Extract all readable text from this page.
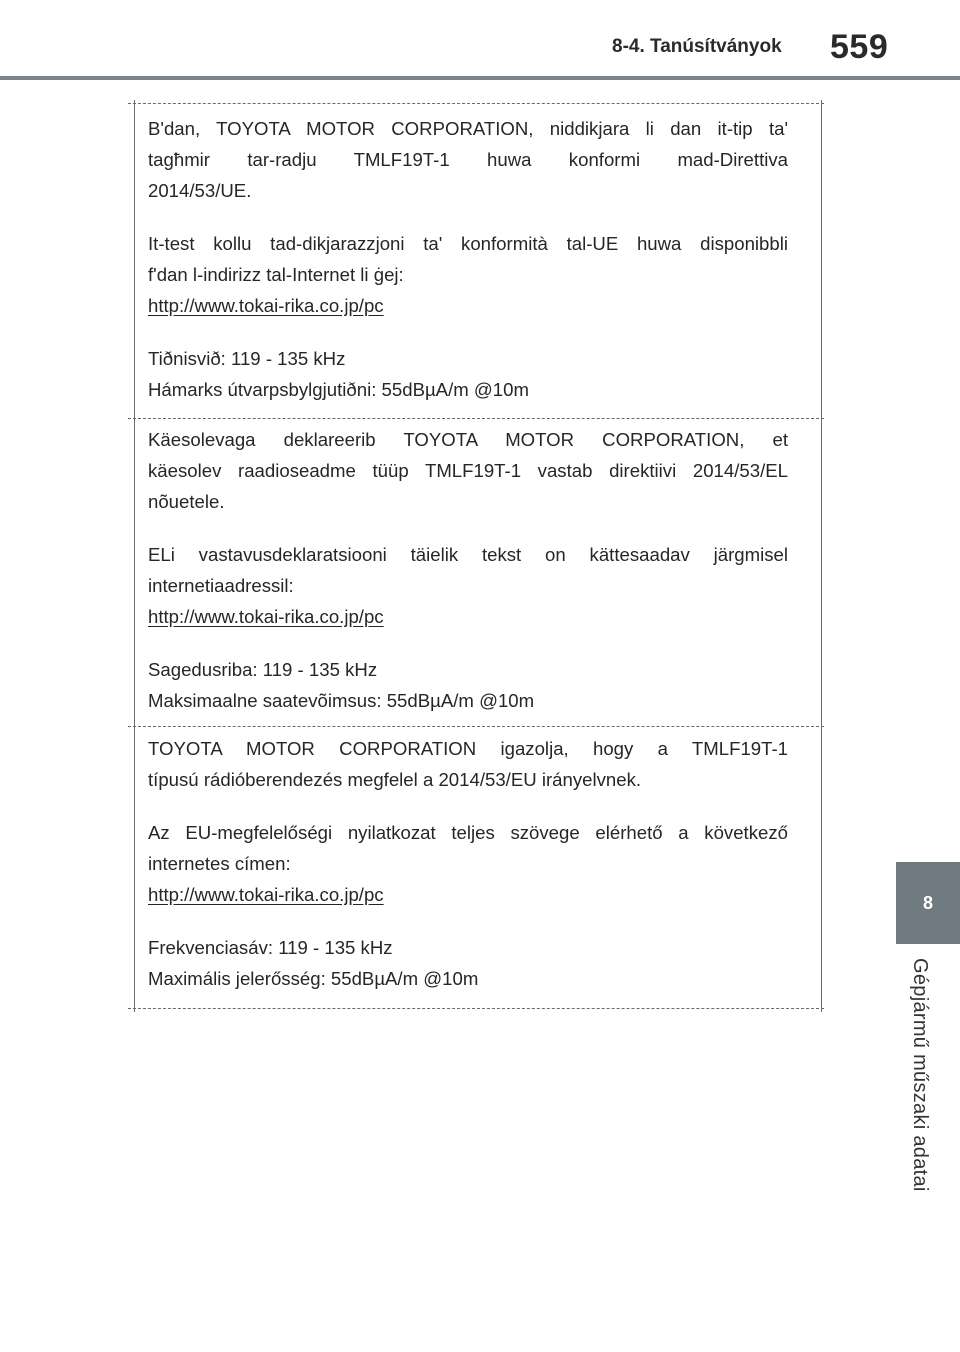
8-4. Tanúsítványok 559
8
Gépjármű műszaki adatai

B'dan, TOYOTA MOTOR CORPORATION, niddikjara li dan it-tip ta'
tagħmir tar-radju TMLF19T-1 huwa konformi mad-Direttiva
2014/53/UE.

It-test kollu tad-dikjarazzjoni ta' konformità tal-UE huwa disponibbli
f'dan l-indirizz tal-Internet li ġej:
http://www.tokai-rika.co.jp/pc

Tiðnisvið: 119 - 135 kHz
Hámarks útvarpsbylgjutiðni: 55dBµA/m @10m

Käesolevaga deklareerib TOYOTA MOTOR CORPORATION, et
käesolev raadioseadme tüüp TMLF19T-1 vastab direktiivi 2014/53/EL
nõuetele.

ELi vastavusdeklaratsiooni täielik tekst on kättesaadav järgmisel
internetiaadressil:
http://www.tokai-rika.co.jp/pc

Sagedusriba: 119 - 135 kHz
Maksimaalne saatevõimsus: 55dBµA/m @10m

TOYOTA MOTOR CORPORATION igazolja, hogy a TMLF19T-1
típusú rádióberendezés megfelel a 2014/53/EU irányelvnek.

Az EU-megfelelőségi nyilatkozat teljes szövege elérhető a következő
internetes címen:
http://www.tokai-rika.co.jp/pc

Frekvenciasáv: 119 - 135 kHz
Maximális jelerősség: 55dBµA/m @10m
